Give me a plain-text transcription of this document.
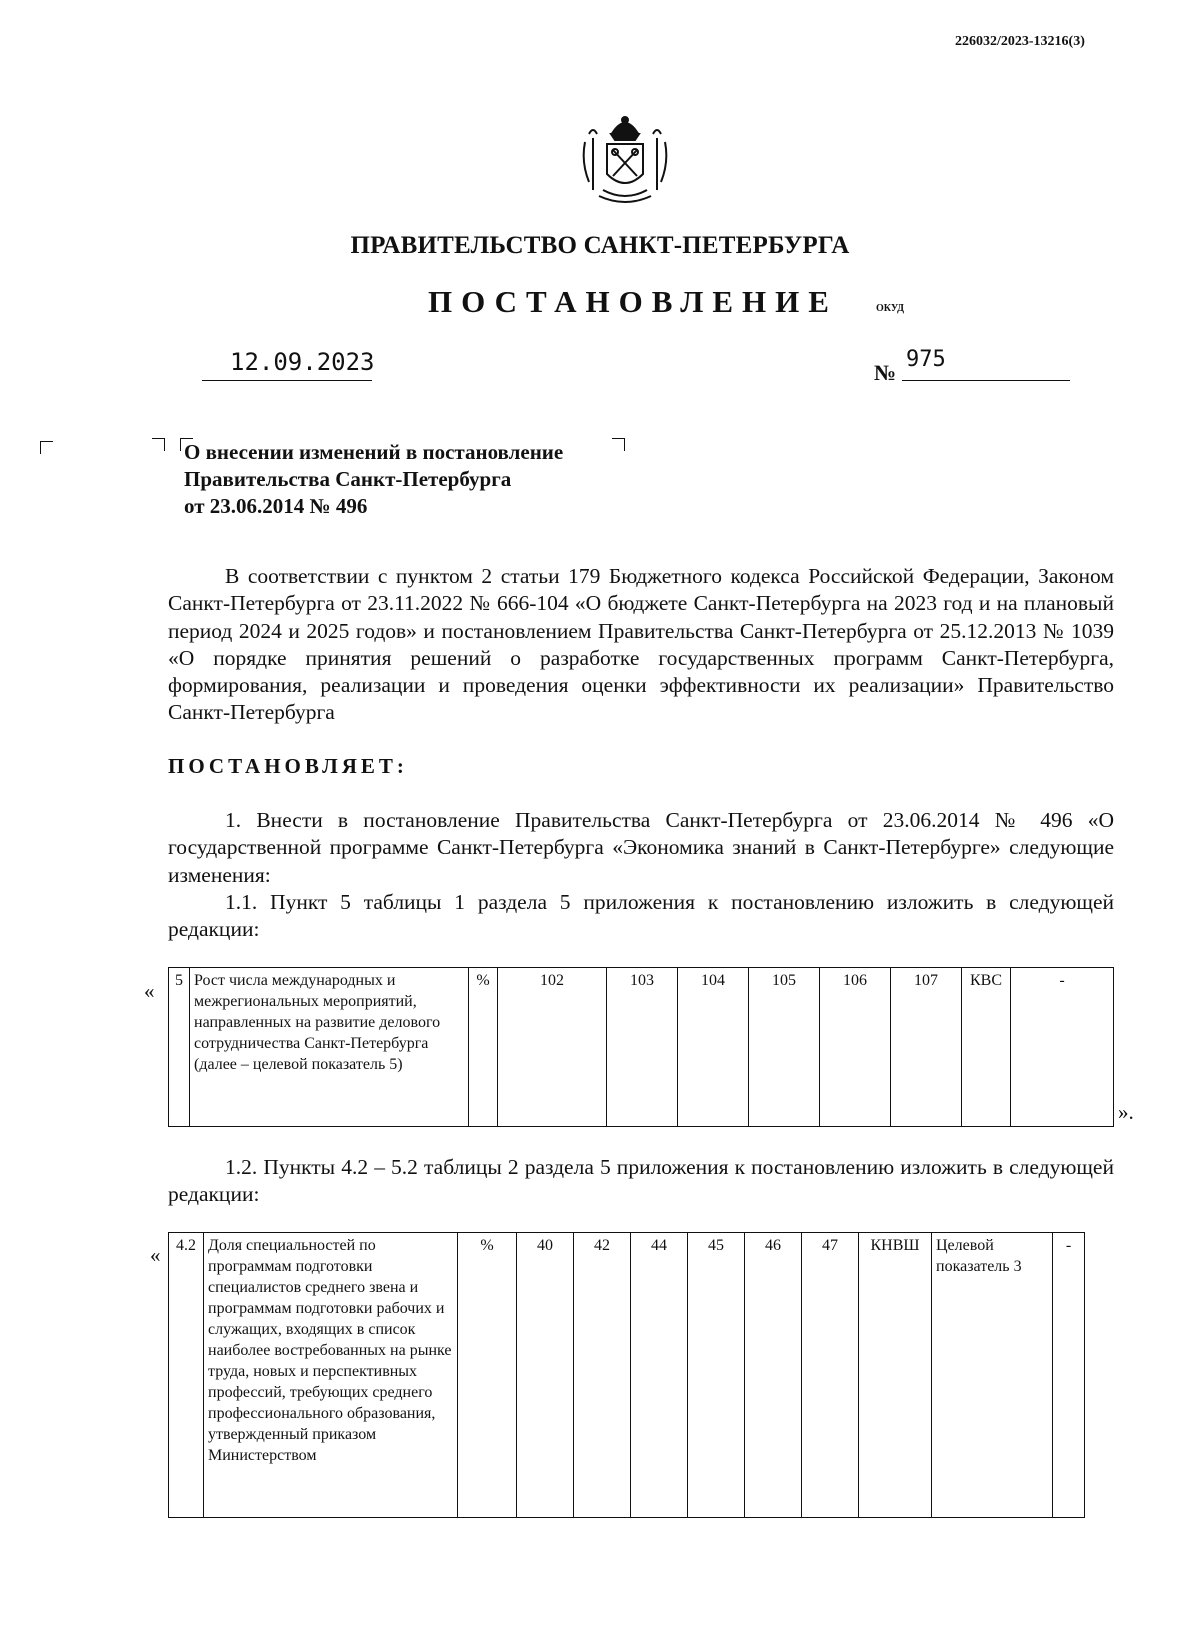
226032/2023-13216(3)
ПРАВИТЕЛЬСТВО САНКТ-ПЕТЕРБУРГА
ПОСТАНОВЛЕНИЕ	ОКУД
12.09.2023	№
975
О внесении изменений в постановление
Правительства Санкт-Петербурга
от 23.06.2014 № 496

В соответствии с пунктом 2 статьи 179 Бюджетного кодекса Российской Федерации, Законом Санкт-Петербурга от 23.11.2022 № 666-104 «О бюджете Санкт-Петербурга на 2023 год и на плановый период 2024 и 2025 годов» и постановлением Правительства Санкт-Петербурга от 25.12.2013 № 1039 «О порядке принятия решений о разработке государственных программ Санкт-Петербурга, формирования, реализации и проведения оценки эффективности их реализации» Правительство Санкт-Петербурга

ПОСТАНОВЛЯЕТ:

1. Внести в постановление Правительства Санкт-Петербурга от 23.06.2014 № 496 «О государственной программе Санкт-Петербурга «Экономика знаний в Санкт-Петербурге» следующие изменения:

1.1. Пункт 5 таблицы 1 раздела 5 приложения к постановлению изложить в следующей редакции:

« 5	Рост числа международных и межрегиональных мероприятий, направленных на развитие делового сотрудничества Санкт-Петербурга (далее – целевой показатель 5)	%	102	103	104	105	106	107	КВС	-
».

1.2. Пункты 4.2 – 5.2 таблицы 2 раздела 5 приложения к постановлению изложить в следующей редакции:

« 4.2	Доля специальностей по программам подготовки специалистов среднего звена и программам подготовки рабочих и служащих, входящих в список наиболее востребованных на рынке труда, новых и перспективных профессий, требующих среднего профессионального образования, утвержденный приказом Министерством	%	40	42	44	45	46	47	КНВШ	Целевой показатель 3	-
